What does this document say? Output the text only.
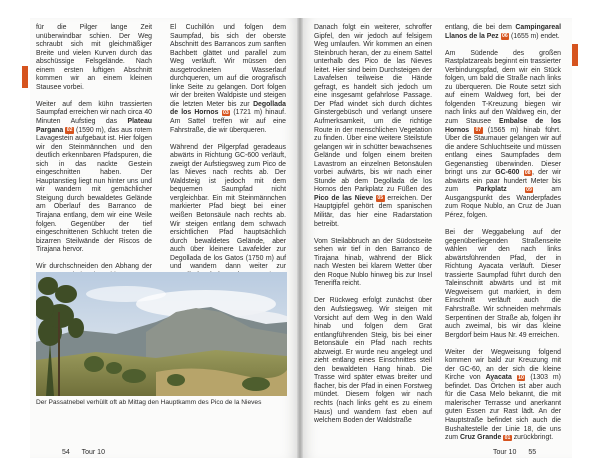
für die Pilger lange Zeit unüberwindbar schien. Der Weg schraubt sich mit gleichmäßiger Breite und vielen Kurven durch das abschüssige Felsgelände. Nach einem ersten luftigen Abschnitt kommen wir an einem kleinen Stausee vorbei.

Weiter auf dem kühn trassierten Saumpfad erreichen wir nach circa 40 Minuten Aufstieg das Plateau Pargana 02 (1590 m), das aus rotem Lavagestein aufgebaut ist. Hier folgen wir den Steinmännchen und den deutlich erkennbaren Pfadspuren, die sich in das nackte Gestein eingeschnitten haben. Der Hauptanstieg liegt nun hinter uns und wir wandern mit gemächlicher Steigung durch bewaldetes Gelände am Oberlauf des Barranco de Tirajana entlang, dem wir eine Weile folgen. Gegenüber der tief eingeschnittenen Schlucht treten die bizarren Steilwände der Riscos de Tirajana hervor.

Wir durchschneiden den Abhang der

El Cuchillón und folgen dem Saumpfad, bis sich der oberste Abschnitt des Barrancos zum sanften Bachbett glättet und parallel zum Weg verläuft. Wir müssen den ausgetrockneten Wasserlauf durchqueren, um auf die orografisch linke Seite zu gelangen. Dort folgen wir der breiten Waldpiste und steigen die letzten Meter bis zur Degollada de los Hornos 03 (1721 m) hinauf. Am Sattel treffen wir auf eine Fahrstraße, die wir überqueren.

Während der Pilgerpfad geradeaus abwärts in Richtung GC-600 verläuft, zweigt der Aufstiegsweg zum Pico de las Nieves nach rechts ab. Der Waldsteig ist jedoch mit dem bequemen Saumpfad nicht vergleichbar. Ein mit Steinmännchen markierter Pfad biegt bei einer weißen Betonsäule nach rechts ab. Wir steigen entlang dem schwach ersichtlichen Pfad hauptsächlich durch bewaldetes Gelände, aber auch über kleinere Lavafelder zur Degollada de los Gatos (1750 m) auf und wandern dann weiter zur

Danach folgt ein weiterer, schroffer Gipfel, den wir jedoch auf felsigem Weg umlaufen. Wir kommen an einen Steinbruch heran, der zu einem Sattel unterhalb des Pico de las Nieves leitet. Hier sind beim Durchsteigen der Lavafelsen teilweise die Hände gefragt, es handelt sich jedoch um eine insgesamt gefahrlose Passage. Der Pfad windet sich durch dichtes Ginstergebüsch und verlangt unsere Aufmerksamkeit, um die richtige Route in der menschlichen Vegetation zu finden. Über eine weitere Steilstufe gelangen wir in schütter bewachsenes Gelände und folgen einem breiten Lavastrom an einzelnen Betonsäulen vorbei aufwärts, bis wir nach einer Stunde ab dem Degollada de los Hornos den Parkplatz zu Füßen des Pico de las Nieve 05 erreichen. Der Hauptgipfel gehört dem spanischen Militär, das hier eine Radarstation betreibt.

Vom Steilabbruch an der Südostseite sehen wir tief in den Barranco de Tirajana hinab, während der Blick nach Westen bei klarem Wetter über den Roque Nublo hinweg bis zur Insel Teneriffa reicht.

Der Rückweg erfolgt zunächst über den Aufstiegsweg. Wir steigen mit Vorsicht auf dem Weg in den Wald hinab und folgen dem Grat entlangführenden Steig, bis bei einer Betonsäule ein Pfad nach rechts abzweigt. Er wurde neu angelegt und zieht entlang eines Einschnittes steil den bewaldeten Hang hinab. Die Trasse wird später etwas breiter und flacher, bis der Pfad in einen Forstweg mündet. Diesem folgen wir nach rechts (nach links geht es zu einem Haus) und wandern fast eben auf welchem Boden der Waldstraße

entlang, die bei dem Campingareal Llanos de la Pez 06 (1655 m) endet.

Am Südende des großen Rastplatzareals beginnt ein trassierter Verbindungspfad, dem wir ein Stück folgen, um bald die Straße nach links zu überqueren. Die Route setzt sich auf einem Waldweg fort, bei der folgenden T-Kreuzung biegen wir nach links auf den Waldweg ein, der zum Stausee Embalse de los Hornos 07 (1565 m) hinab führt. Über die Staumauer gelangen wir auf die andere Schluchtseite und müssen entlang eines Saumpfades dem Gegenanstieg überwinden. Dieser bringt uns zur GC-600 08, der wir abwärts ein paar hundert Meter bis zum Parkplatz	09 am Ausgangspunkt des Wanderpfades zum Roque Nublo, an Cruz de Juan Pérez, folgen.

Bei der Weggabelung auf der gegenüberliegenden Straßenseite wählen wir den nach links abwärtsführenden Pfad, der in Richtung Ayacata verläuft. Dieser trassierte Saumpfad führt durch den Taleinschnitt abwärts und ist mit Wegweisern gut markiert, in dem Einschnitt verläuft auch die Fahrstraße. Wir schneiden mehrmals Serpentinen der Straße ab, folgen ihr auch zweimal, bis wir das kleine Bergdorf beim Haus Nr. 49 erreichen.

Weiter der Wegweisung folgend kommen wir bald zur Kreuzung mit der GC-60, an der sich die kleine Kirche von Ayacata 10 (1303 m) befindet. Das Örtchen ist aber auch für die Casa Melo bekannt, die mit malerischer Terrasse und anerkannt guten Essen zur Rast lädt. An der Hauptstraße befindet sich auch die Bushaltestelle der Linie 18, die uns zum Cruz Grande 01 zurückbringt.

Der Passatnebel verhüllt oft ab Mittag den Hauptkamm des Pico de la Nieves
54 Tour 10	Tour 10 55
